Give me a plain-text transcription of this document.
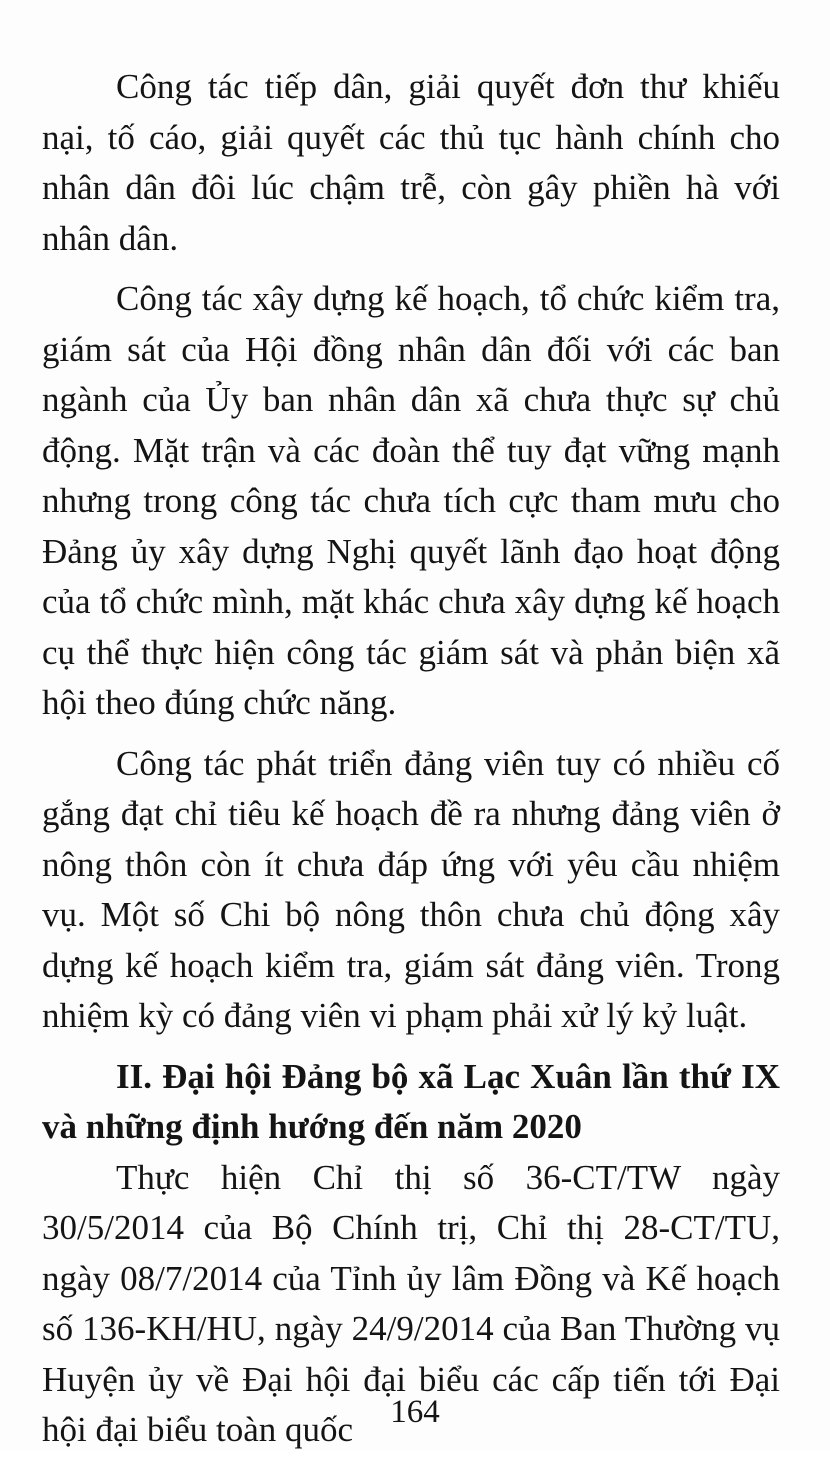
Công tác tiếp dân, giải quyết đơn thư khiếu nại, tố cáo, giải quyết các thủ tục hành chính cho nhân dân đôi lúc chậm trễ, còn gây phiền hà với nhân dân.

Công tác xây dựng kế hoạch, tổ chức kiểm tra, giám sát của Hội đồng nhân dân đối với các ban ngành của Ủy ban nhân dân xã chưa thực sự chủ động. Mặt trận và các đoàn thể tuy đạt vững mạnh nhưng trong công tác chưa tích cực tham mưu cho Đảng ủy xây dựng Nghị quyết lãnh đạo hoạt động của tổ chức mình, mặt khác chưa xây dựng kế hoạch cụ thể thực hiện công tác giám sát và phản biện xã hội theo đúng chức năng.

Công tác phát triển đảng viên tuy có nhiều cố gắng đạt chỉ tiêu kế hoạch đề ra nhưng đảng viên ở nông thôn còn ít chưa đáp ứng với yêu cầu nhiệm vụ. Một số Chi bộ nông thôn chưa chủ động xây dựng kế hoạch kiểm tra, giám sát đảng viên. Trong nhiệm kỳ có đảng viên vi phạm phải xử lý kỷ luật.

II. Đại hội Đảng bộ xã Lạc Xuân lần thứ IX và những định hướng đến năm 2020

Thực hiện Chỉ thị số 36-CT/TW ngày 30/5/2014 của Bộ Chính trị, Chỉ thị 28-CT/TU, ngày 08/7/2014 của Tỉnh ủy lâm Đồng và Kế hoạch số 136-KH/HU, ngày 24/9/2014 của Ban Thường vụ Huyện ủy về Đại hội đại biểu các cấp tiến tới Đại hội đại biểu toàn quốc	164
